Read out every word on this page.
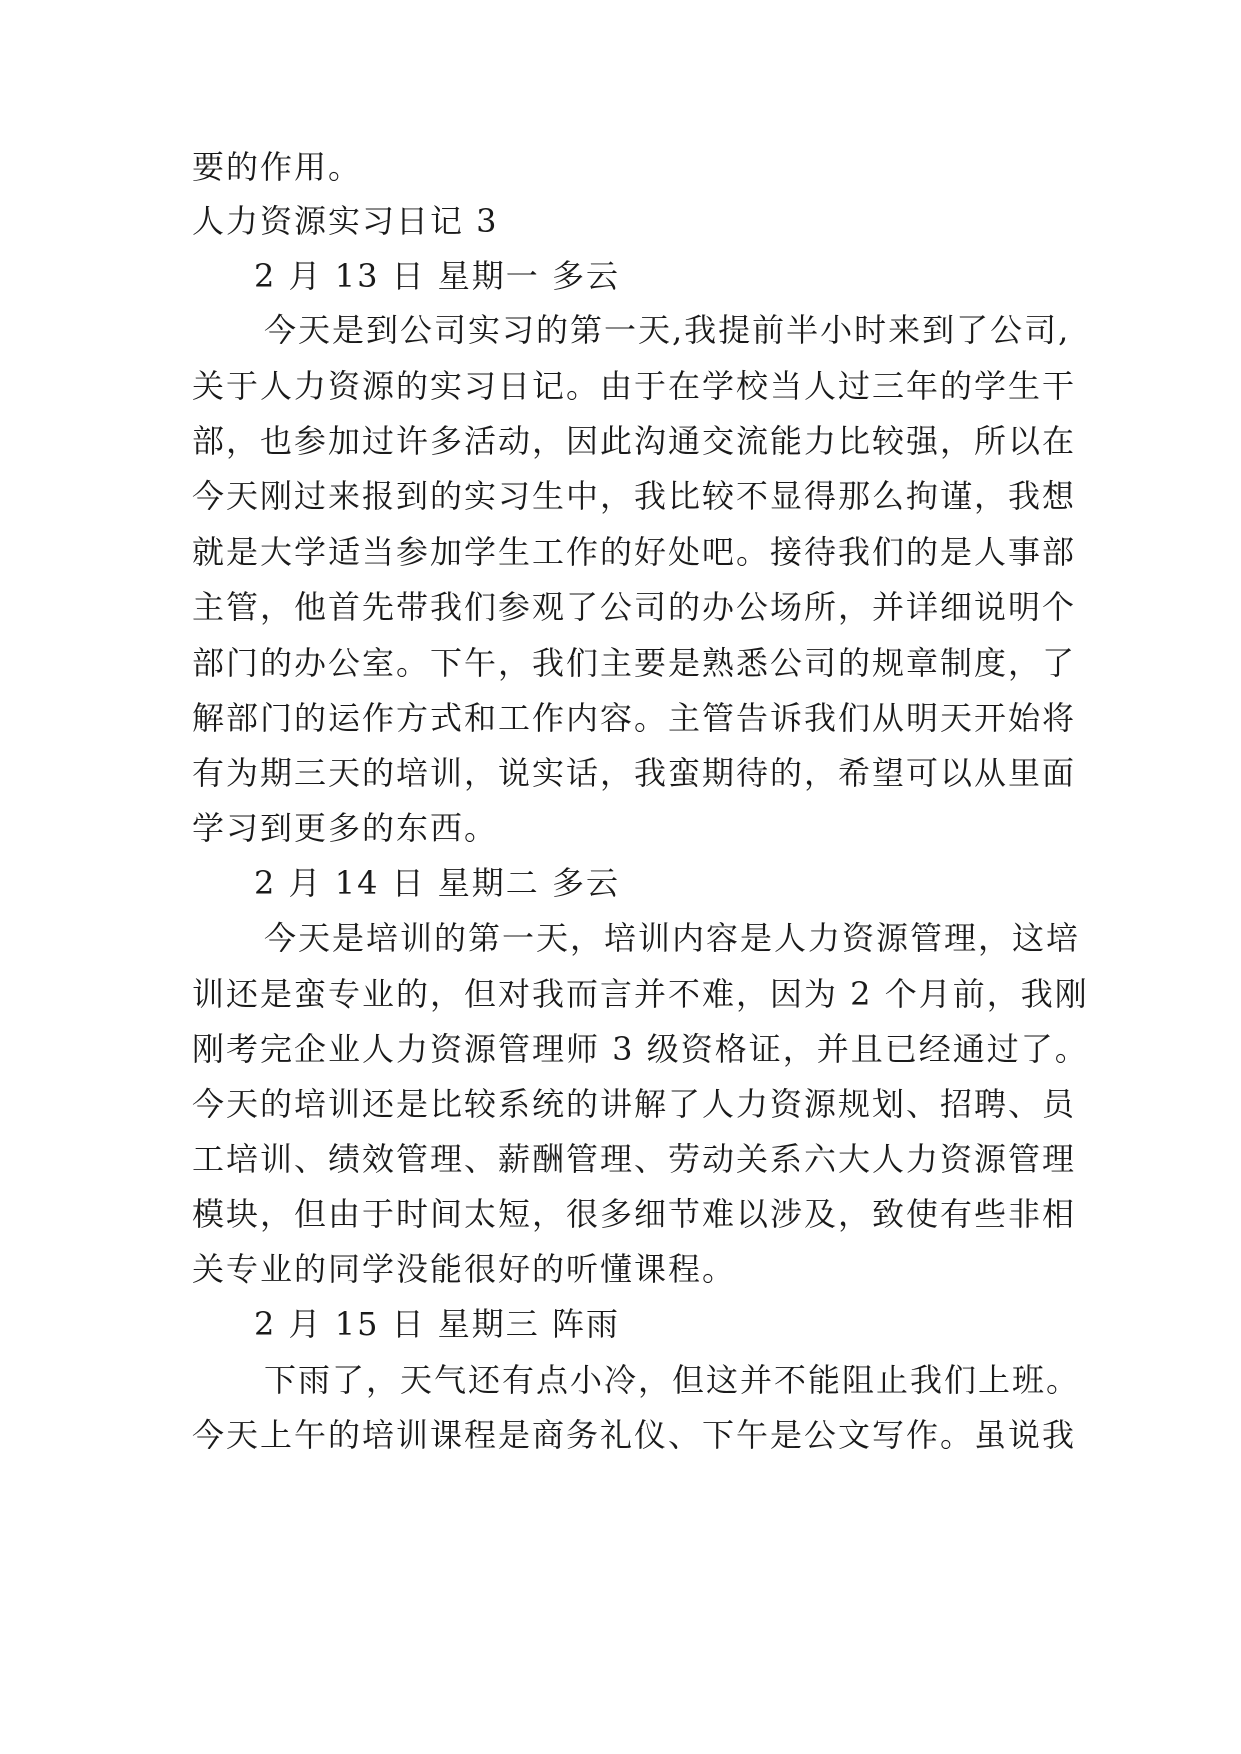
要的作用。

人力资源实习日记 3

2 月 13 日 星期一 多云

今天是到公司实习的第一天,我提前半小时来到了公司,

关于人力资源的实习日记。由于在学校当人过三年的学生干

部，也参加过许多活动，因此沟通交流能力比较强，所以在

今天刚过来报到的实习生中，我比较不显得那么拘谨，我想

就是大学适当参加学生工作的好处吧。接待我们的是人事部

主管，他首先带我们参观了公司的办公场所，并详细说明个

部门的办公室。下午，我们主要是熟悉公司的规章制度，了

解部门的运作方式和工作内容。主管告诉我们从明天开始将

有为期三天的培训，说实话，我蛮期待的，希望可以从里面

学习到更多的东西。

2 月 14 日 星期二 多云

今天是培训的第一天，培训内容是人力资源管理，这培

训还是蛮专业的，但对我而言并不难，因为 2 个月前，我刚

刚考完企业人力资源管理师 3 级资格证，并且已经通过了。

今天的培训还是比较系统的讲解了人力资源规划、招聘、员

工培训、绩效管理、薪酬管理、劳动关系六大人力资源管理

模块，但由于时间太短，很多细节难以涉及，致使有些非相

关专业的同学没能很好的听懂课程。

2 月 15 日 星期三 阵雨

下雨了，天气还有点小冷，但这并不能阻止我们上班。

今天上午的培训课程是商务礼仪、下午是公文写作。虽说我
